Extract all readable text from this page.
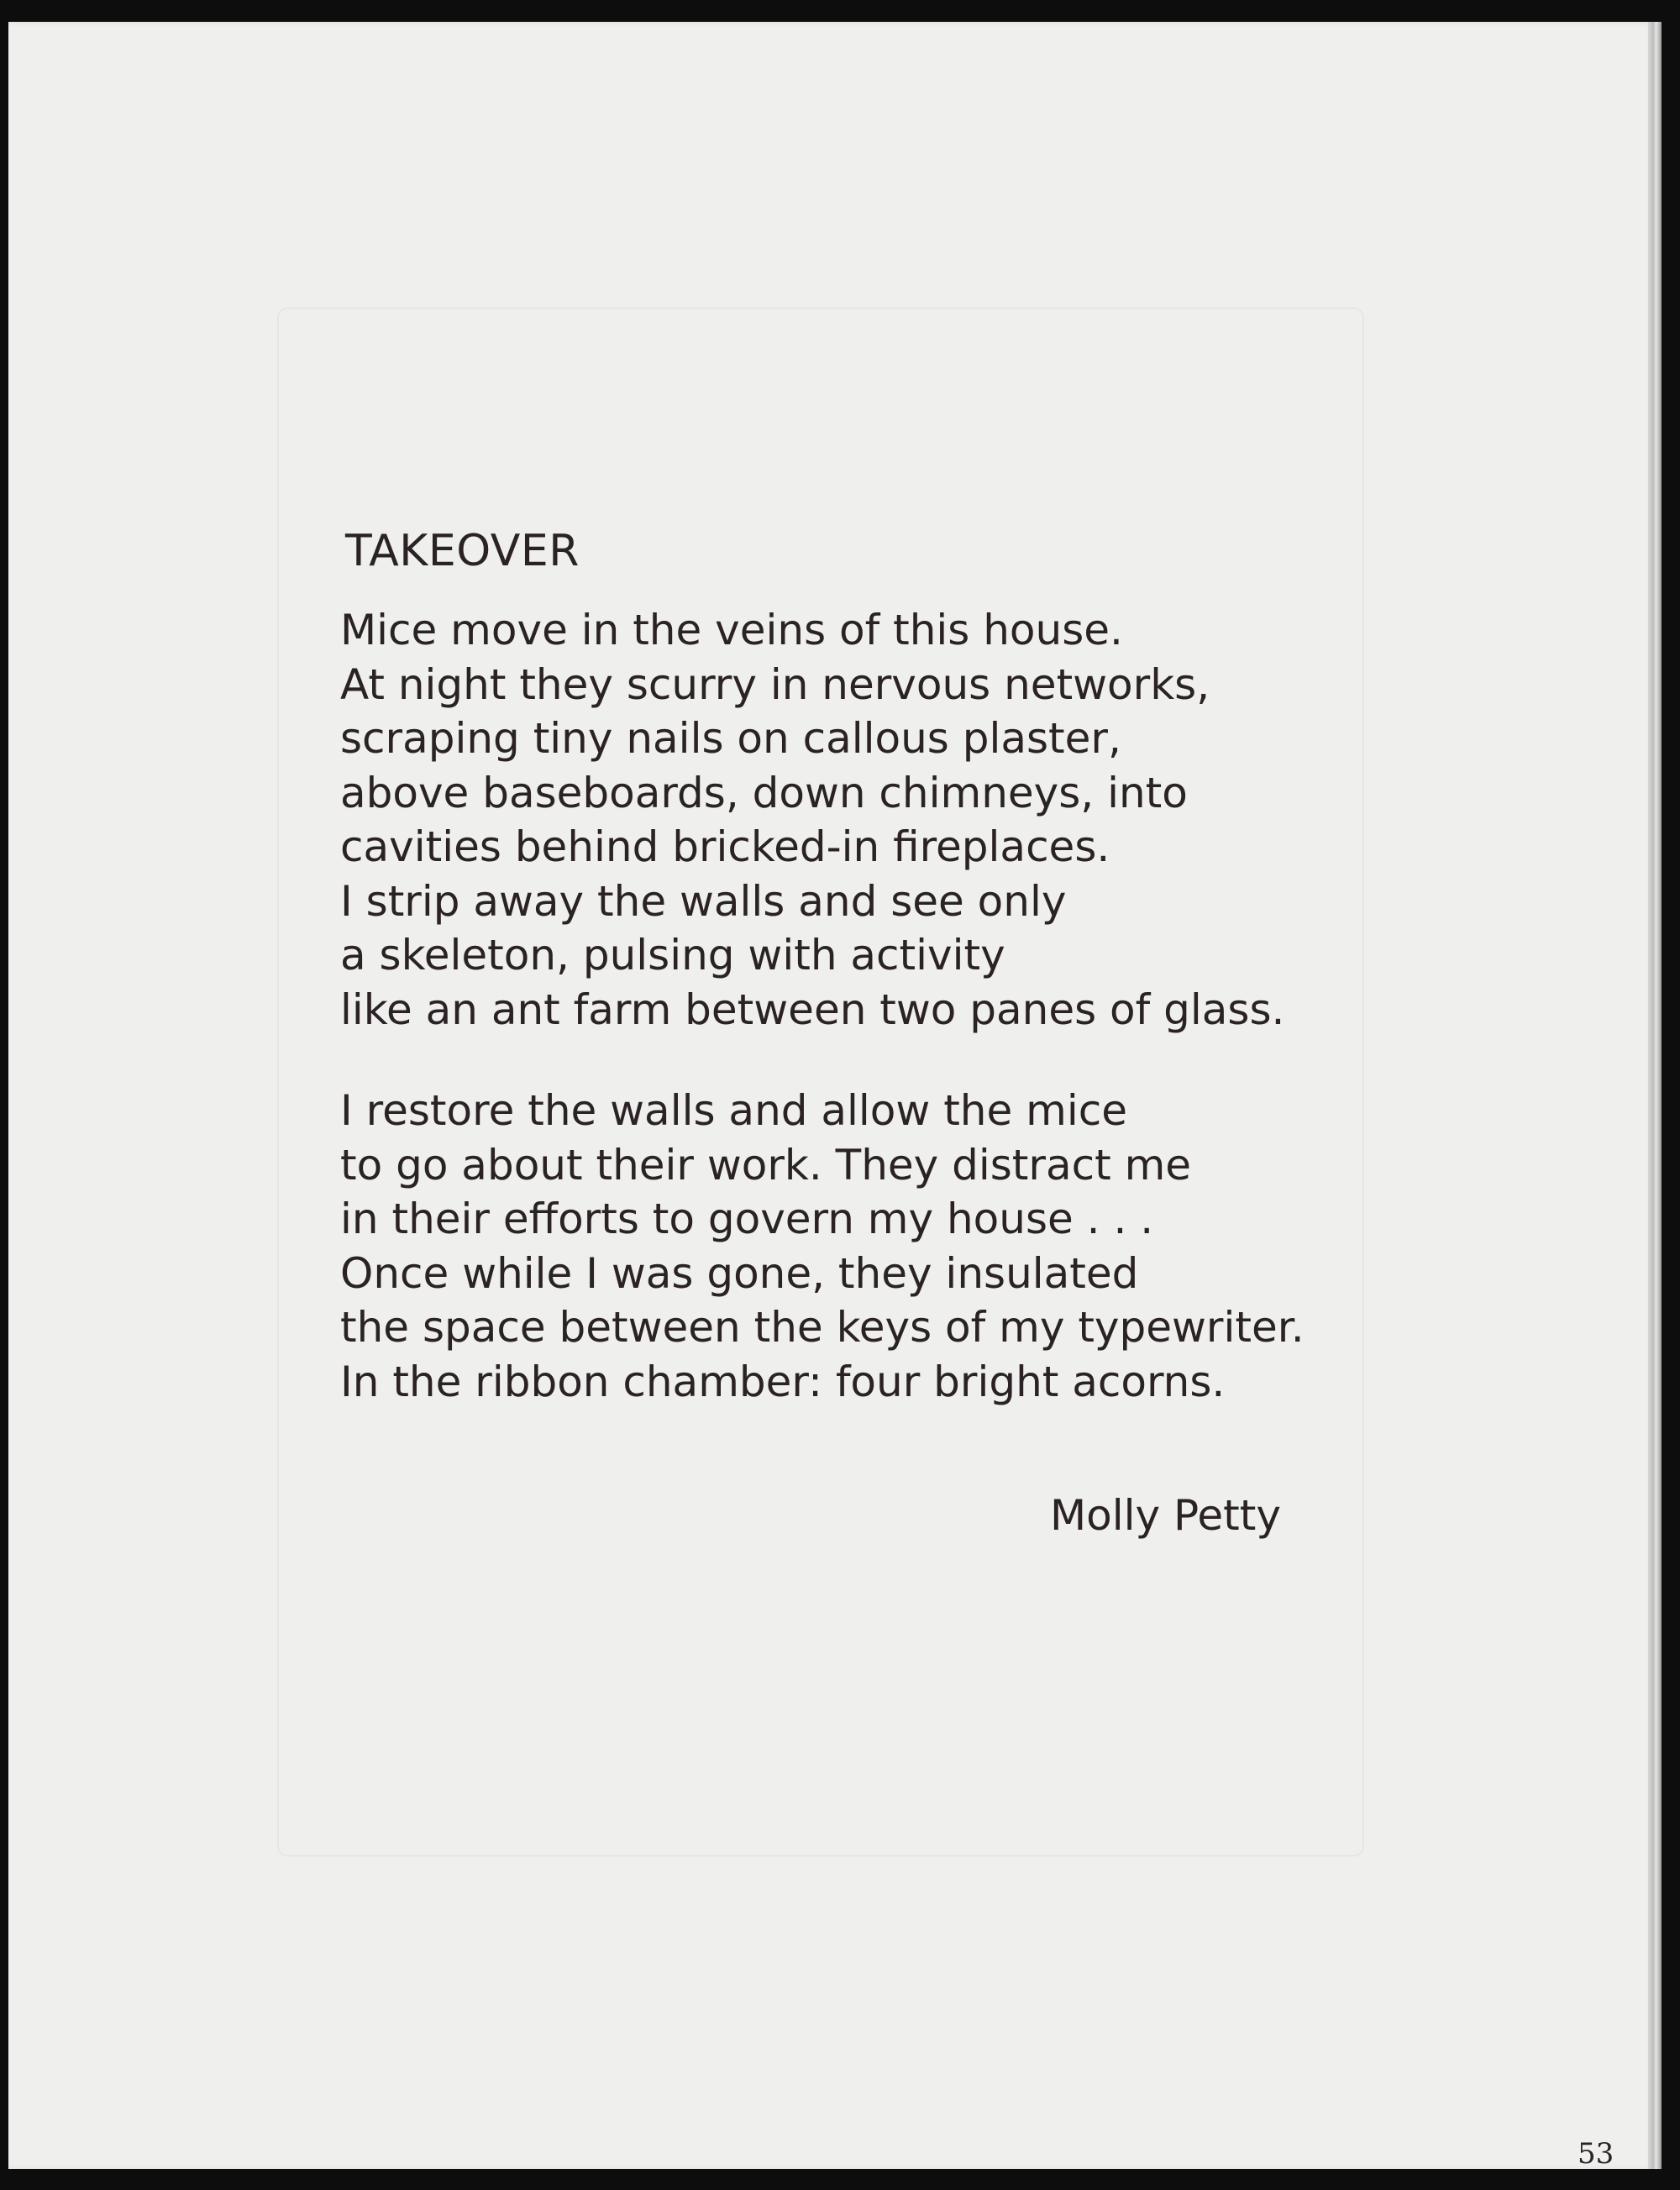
TAKEOVER
Mice move in the veins of this house.
At night they scurry in nervous networks,
scraping tiny nails on callous plaster,
above baseboards, down chimneys, into
cavities behind bricked-in fireplaces.
I strip away the walls and see only
a skeleton, pulsing with activity
like an ant farm between two panes of glass.
I restore the walls and allow the mice
to go about their work. They distract me
in their efforts to govern my house . . .
Once while I was gone, they insulated
the space between the keys of my typewriter.
In the ribbon chamber: four bright acorns.
Molly Petty
53
